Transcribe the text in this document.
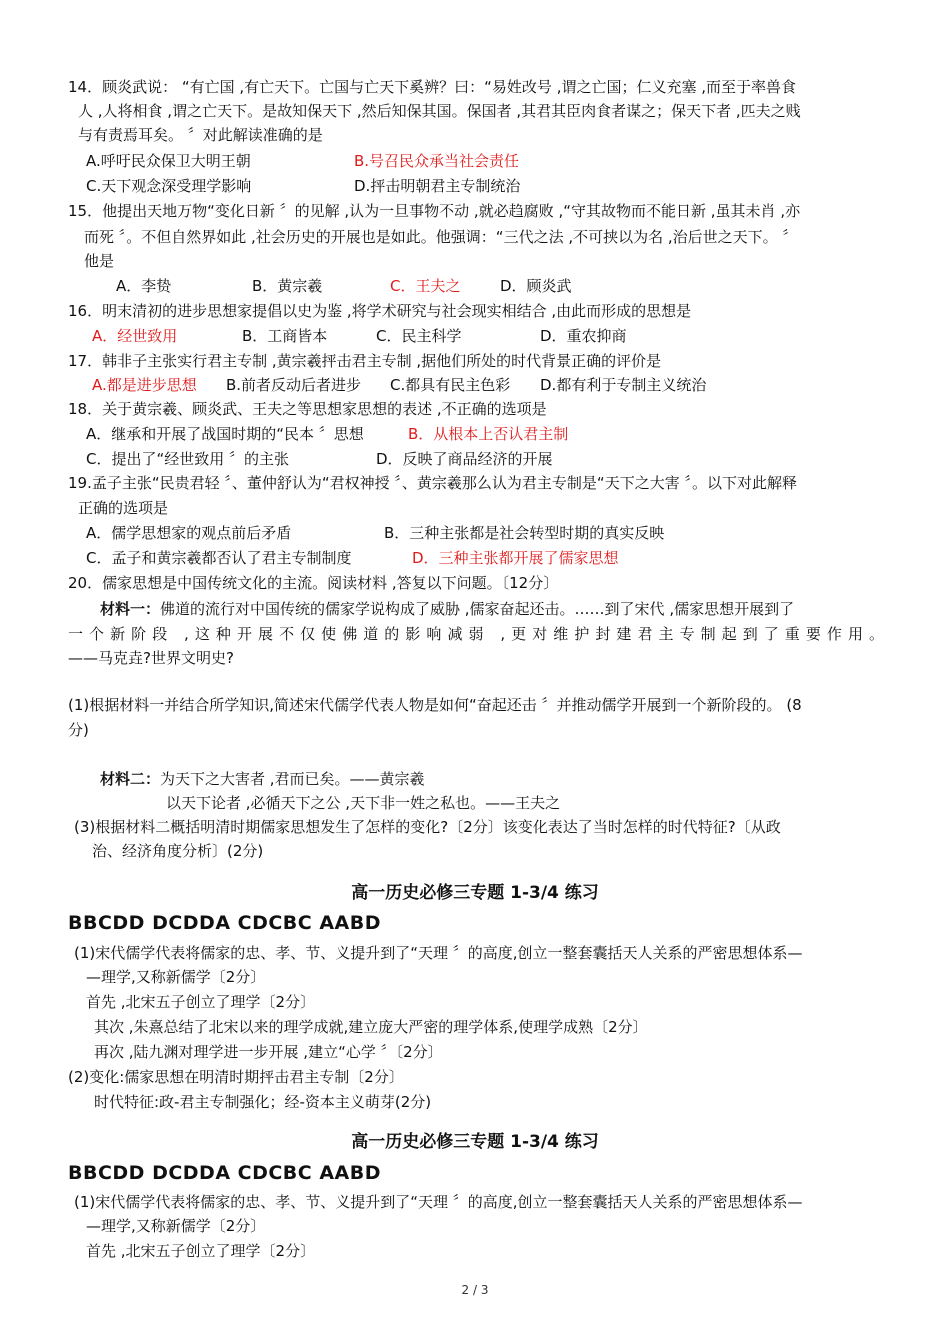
14．顾炎武说： “有亡国 ,有亡天下。亡国与亡天下奚辨？曰：“易姓改号 ,谓之亡国；仁义充塞 ,而至于率兽食
人 ,人将相食 ,谓之亡天下。是故知保天下 ,然后知保其国。保国者 ,其君其臣肉食者谋之；保天下者 ,匹夫之贱
与有责焉耳矣。 〞对此解读准确的是
A.呼吁民众保卫大明王朝	B.号召民众承当社会责任
C.天下观念深受理学影响	D.抨击明朝君主专制统治
15．他提出天地万物“变化日新 〞的见解 ,认为一旦事物不动 ,就必趋腐败 ,“守其故物而不能日新 ,虽其未肖 ,亦
而死 〞。不但自然界如此 ,社会历史的开展也是如此。他强调：“三代之法 ,不可挟以为名 ,治后世之天下。 〞
他是
A．李贽	B．黄宗羲	C．王夫之	D．顾炎武
16．明末清初的进步思想家提倡以史为鉴 ,将学术研究与社会现实相结合 ,由此而形成的思想是
A．经世致用	B．工商皆本	C．民主科学	D．重农抑商
17．韩非子主张实行君主专制 ,黄宗羲抨击君主专制 ,据他们所处的时代背景正确的评价是
A.都是进步思想 B.前者反动后者进步 C.都具有民主色彩 D.都有利于专制主义统治
18．关于黄宗羲、顾炎武、王夫之等思想家思想的表述 ,不正确的选项是
A．继承和开展了战国时期的“民本 〞思想	B．从根本上否认君主制
C．提出了“经世致用 〞的主张	D．反映了商品经济的开展
19.孟子主张“民贵君轻 〞、董仲舒认为“君权神授 〞、黄宗羲那么认为君主专制是“天下之大害 〞。以下对此解释
正确的选项是
A．儒学思想家的观点前后矛盾	B．三种主张都是社会转型时期的真实反映
C．孟子和黄宗羲都否认了君主专制制度	D．三种主张都开展了儒家思想
20．儒家思想是中国传统文化的主流。阅读材料 ,答复以下问题。〔12分〕
材料一：佛道的流行对中国传统的儒家学说构成了威胁 ,儒家奋起还击。……到了宋代 ,儒家思想开展到了
一个新阶段 ,这种开展不仅使佛道的影响减弱 ,更对维护封建君主专制起到了重要作用。
——马克垚?世界文明史?
(1)根据材料一并结合所学知识,简述宋代儒学代表人物是如何“奋起还击 〞并推动儒学开展到一个新阶段的。 (8
分)
材料二：为天下之大害者 ,君而已矣。——黄宗羲
以天下论者 ,必循天下之公 ,天下非一姓之私也。——王夫之
(3)根据材料二概括明清时期儒家思想发生了怎样的变化?〔2分〕该变化表达了当时怎样的时代特征?〔从政
治、经济角度分析〕(2分)
高一历史必修三专题 1-3/4 练习
BBCDD DCDDA CDCBC AABD
(1)宋代儒学代表将儒家的忠、孝、节、义提升到了“天理 〞的高度,创立一整套囊括天人关系的严密思想体系—
—理学,又称新儒学〔2分〕
首先 ,北宋五子创立了理学〔2分〕
其次 ,朱熹总结了北宋以来的理学成就,建立庞大严密的理学体系,使理学成熟〔2分〕
再次 ,陆九渊对理学进一步开展 ,建立“心学 〞〔2分〕
(2)变化:儒家思想在明清时期抨击君主专制〔2分〕
时代特征:政-君主专制强化；经-资本主义萌芽(2分)
高一历史必修三专题 1-3/4 练习
BBCDD DCDDA CDCBC AABD
(1)宋代儒学代表将儒家的忠、孝、节、义提升到了“天理 〞的高度,创立一整套囊括天人关系的严密思想体系—
—理学,又称新儒学〔2分〕
首先 ,北宋五子创立了理学〔2分〕
2 / 3
